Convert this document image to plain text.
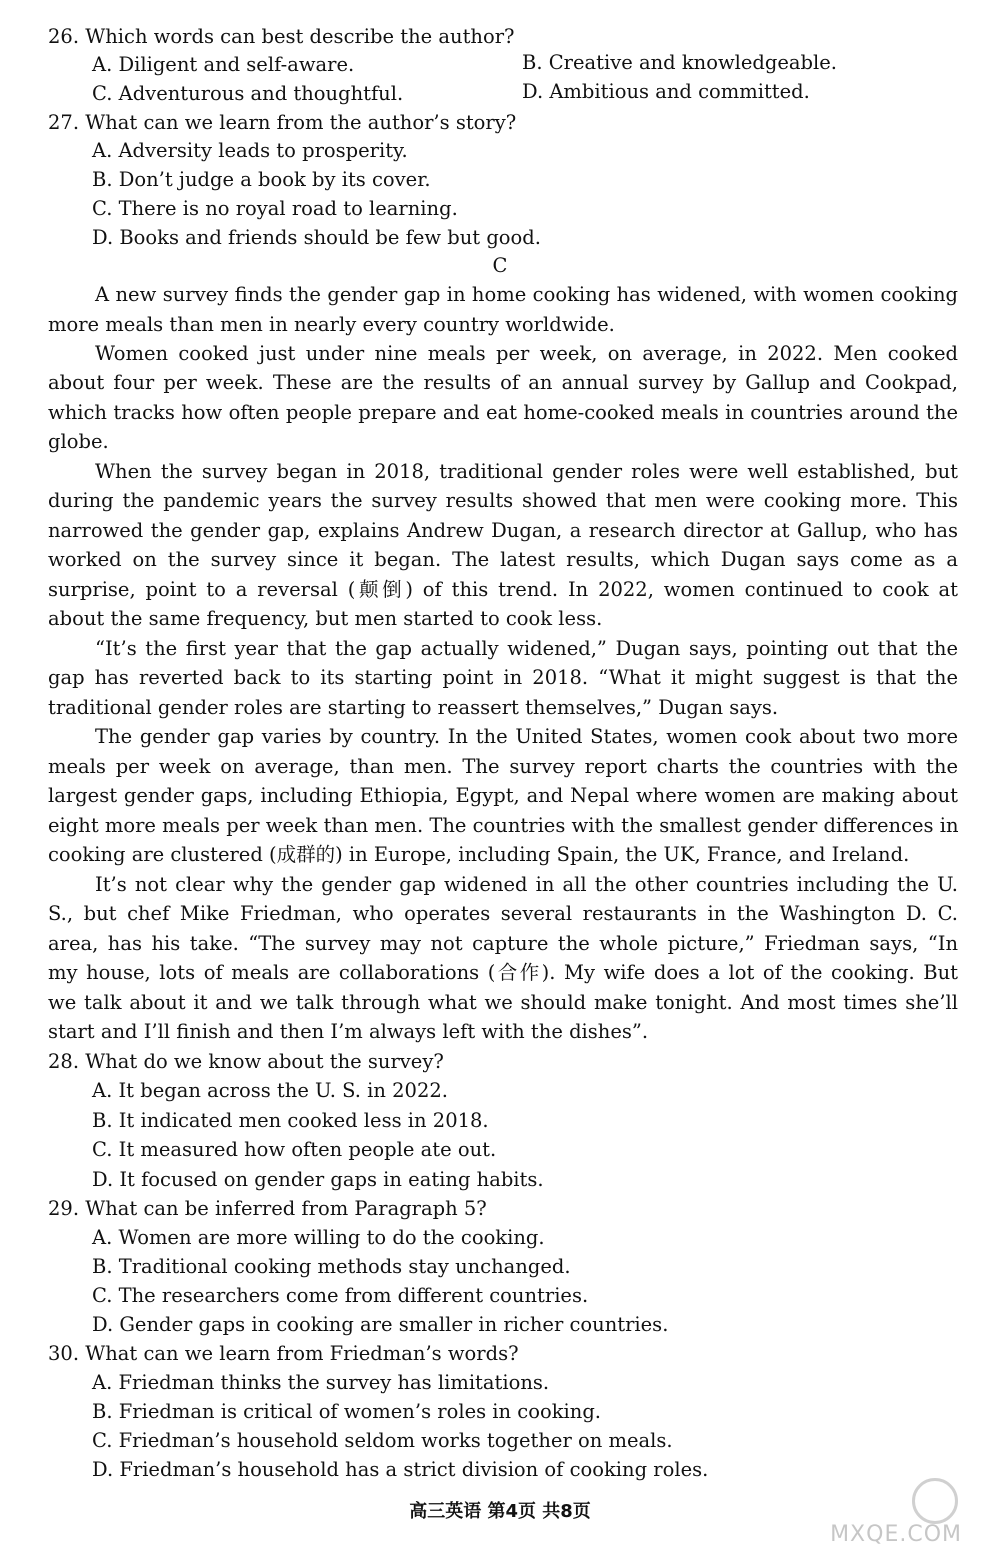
26. Which words can best describe the author?
A. Diligent and self-aware.	B. Creative and knowledgeable.
C. Adventurous and thoughtful.	D. Ambitious and committed.
27. What can we learn from the author’s story?
A. Adversity leads to prosperity.
B. Don’t judge a book by its cover.
C. There is no royal road to learning.
D. Books and friends should be few but good.
C
A new survey finds the gender gap in home cooking has widened, with women cooking
more meals than men in nearly every country worldwide.
Women cooked just under nine meals per week, on average, in 2022. Men cooked
about four per week. These are the results of an annual survey by Gallup and Cookpad,
which tracks how often people prepare and eat home-cooked meals in countries around the
globe.
When the survey began in 2018, traditional gender roles were well established, but
during the pandemic years the survey results showed that men were cooking more. This
narrowed the gender gap, explains Andrew Dugan, a research director at Gallup, who has
worked on the survey since it began. The latest results, which Dugan says come as a
surprise, point to a reversal (颠倒) of this trend. In 2022, women continued to cook at
about the same frequency, but men started to cook less.
“It’s the first year that the gap actually widened,” Dugan says, pointing out that the
gap has reverted back to its starting point in 2018. “What it might suggest is that the
traditional gender roles are starting to reassert themselves,” Dugan says.
The gender gap varies by country. In the United States, women cook about two more
meals per week on average, than men. The survey report charts the countries with the
largest gender gaps, including Ethiopia, Egypt, and Nepal where women are making about
eight more meals per week than men. The countries with the smallest gender differences in
cooking are clustered (成群的) in Europe, including Spain, the UK, France, and Ireland.
It’s not clear why the gender gap widened in all the other countries including the U.
S., but chef Mike Friedman, who operates several restaurants in the Washington D. C.
area, has his take. “The survey may not capture the whole picture,” Friedman says, “In
my house, lots of meals are collaborations (合作). My wife does a lot of the cooking. But
we talk about it and we talk through what we should make tonight. And most times she’ll
start and I’ll finish and then I’m always left with the dishes”.
28. What do we know about the survey?
A. It began across the U. S. in 2022.
B. It indicated men cooked less in 2018.
C. It measured how often people ate out.
D. It focused on gender gaps in eating habits.
29. What can be inferred from Paragraph 5?
A. Women are more willing to do the cooking.
B. Traditional cooking methods stay unchanged.
C. The researchers come from different countries.
D. Gender gaps in cooking are smaller in richer countries.
30. What can we learn from Friedman’s words?
A. Friedman thinks the survey has limitations.
B. Friedman is critical of women’s roles in cooking.
C. Friedman’s household seldom works together on meals.
D. Friedman’s household has a strict division of cooking roles.
高三英语 第4页 共8页
MXQE.COM
